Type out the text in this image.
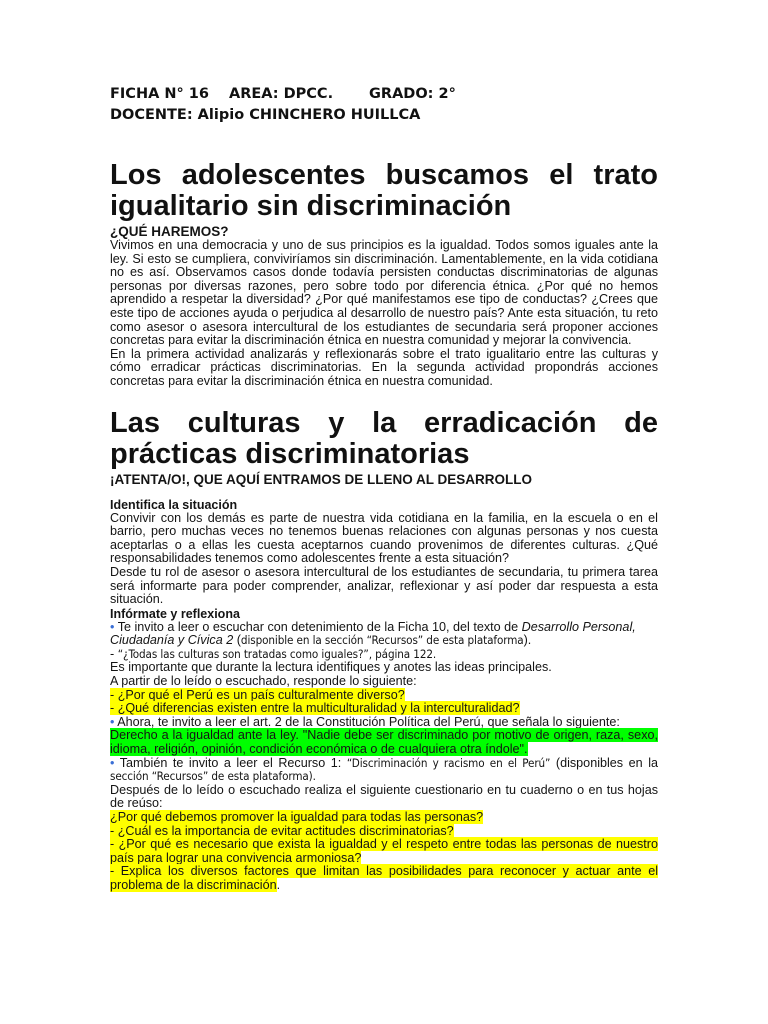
FICHA N° 16 AREA: DPCC. GRADO: 2°
DOCENTE: Alipio CHINCHERO HUILLCA
Los adolescentes buscamos el trato igualitario sin discriminación
¿QUÉ HAREMOS?

Vivimos en una democracia y uno de sus principios es la igualdad. Todos somos iguales ante la ley. Si esto se cumpliera, conviviríamos sin discriminación. Lamentablemente, en la vida cotidiana no es así. Observamos casos donde todavía persisten conductas discriminatorias de algunas personas por diversas razones, pero sobre todo por diferencia étnica. ¿Por qué no hemos aprendido a respetar la diversidad? ¿Por qué manifestamos ese tipo de conductas? ¿Crees que este tipo de acciones ayuda o perjudica al desarrollo de nuestro país? Ante esta situación, tu reto como asesor o asesora intercultural de los estudiantes de secundaria será proponer acciones concretas para evitar la discriminación étnica en nuestra comunidad y mejorar la convivencia.

En la primera actividad analizarás y reflexionarás sobre el trato igualitario entre las culturas y cómo erradicar prácticas discriminatorias. En la segunda actividad propondrás acciones concretas para evitar la discriminación étnica en nuestra comunidad.

Las culturas y la erradicación de prácticas discriminatorias
¡ATENTA/O!, QUE AQUÍ ENTRAMOS DE LLENO AL DESARROLLO
Identifica la situación

Convivir con los demás es parte de nuestra vida cotidiana en la familia, en la escuela o en el barrio, pero muchas veces no tenemos buenas relaciones con algunas personas y nos cuesta aceptarlas o a ellas les cuesta aceptarnos cuando provenimos de diferentes culturas. ¿Qué responsabilidades tenemos como adolescentes frente a esta situación?

Desde tu rol de asesor o asesora intercultural de los estudiantes de secundaria, tu primera tarea será informarte para poder comprender, analizar, reflexionar y así poder dar respuesta a esta situación.

Infórmate y reflexiona

• Te invito a leer o escuchar con detenimiento de la Ficha 10, del texto de Desarrollo Personal, Ciudadanía y Cívica 2 (disponible en la sección “Recursos” de esta plataforma).

- “¿Todas las culturas son tratadas como iguales?”, página 122.

Es importante que durante la lectura identifiques y anotes las ideas principales.

A partir de lo leído o escuchado, responde lo siguiente:

- ¿Por qué el Perú es un país culturalmente diverso?

- ¿Qué diferencias existen entre la multiculturalidad y la interculturalidad?

• Ahora, te invito a leer el art. 2 de la Constitución Política del Perú, que señala lo siguiente:

Derecho a la igualdad ante la ley. "Nadie debe ser discriminado por motivo de origen, raza, sexo, idioma, religión, opinión, condición económica o de cualquiera otra índole".

• También te invito a leer el Recurso 1: “Discriminación y racismo en el Perú” (disponibles en la sección “Recursos” de esta plataforma).

Después de lo leído o escuchado realiza el siguiente cuestionario en tu cuaderno o en tus hojas de reúso:

¿Por qué debemos promover la igualdad para todas las personas?

- ¿Cuál es la importancia de evitar actitudes discriminatorias?

- ¿Por qué es necesario que exista la igualdad y el respeto entre todas las personas de nuestro país para lograr una convivencia armoniosa?

- Explica los diversos factores que limitan las posibilidades para reconocer y actuar ante el problema de la discriminación.
